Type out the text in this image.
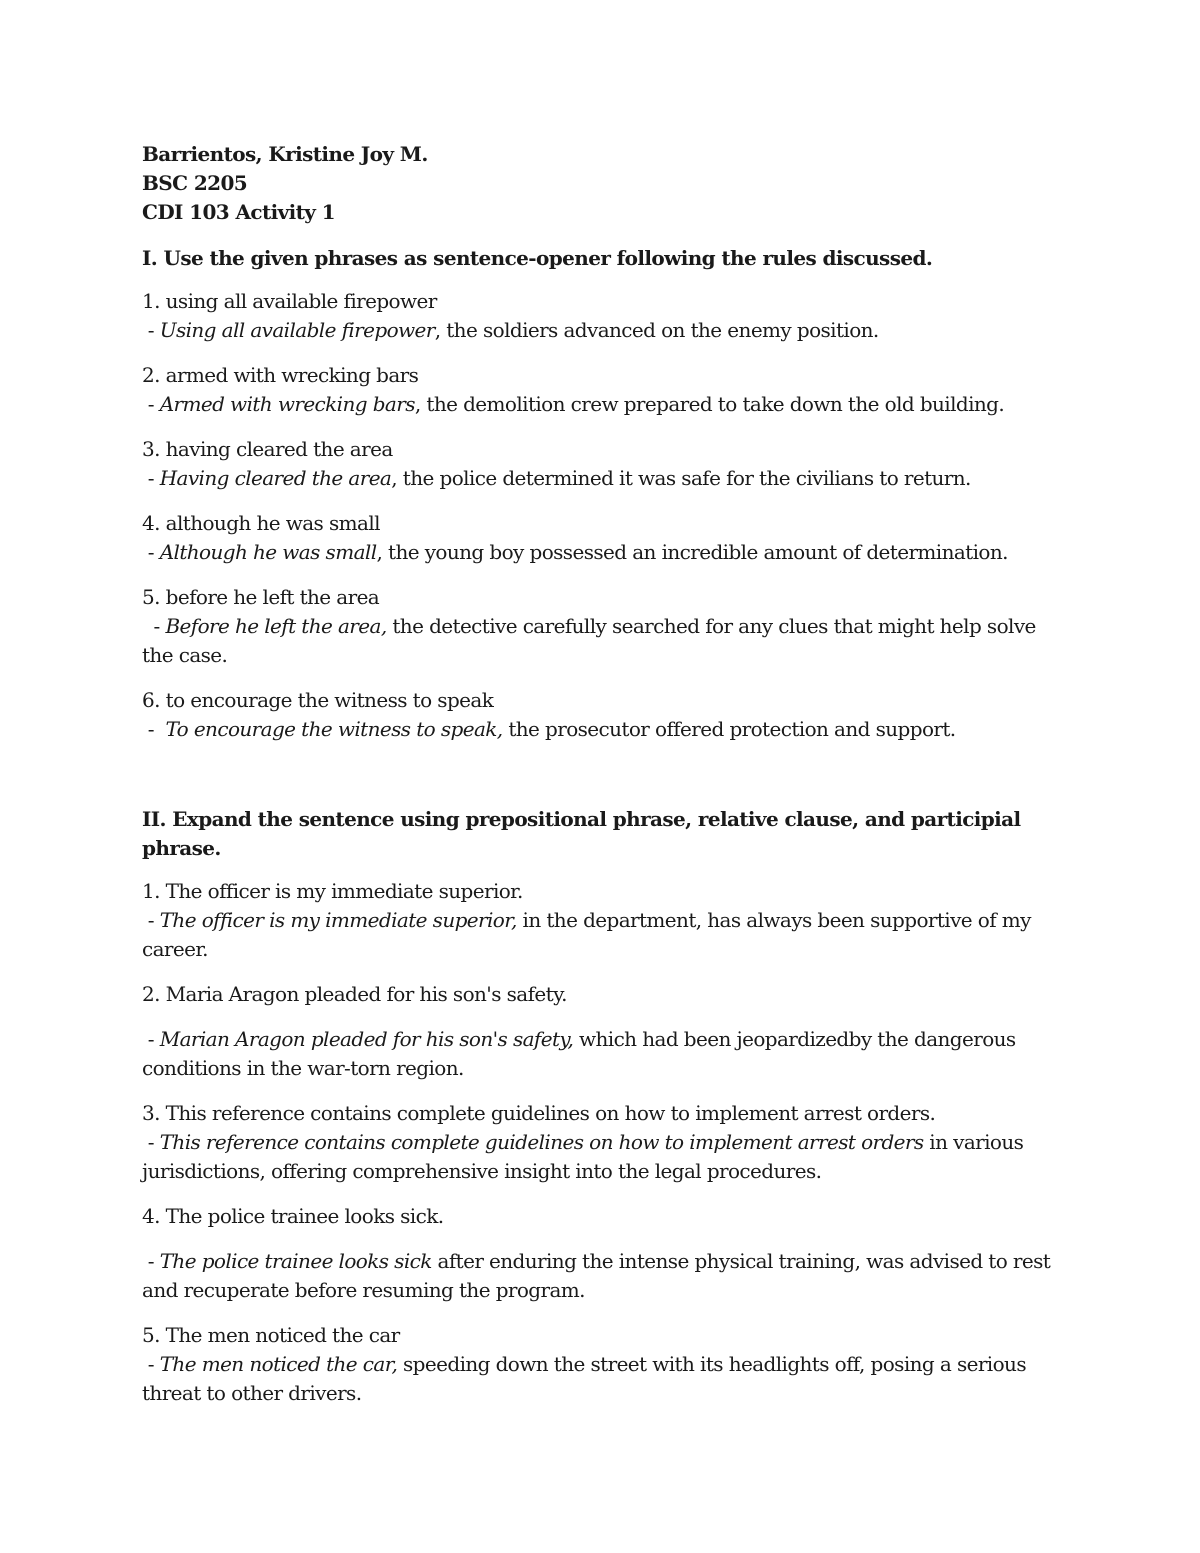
Barrientos, Kristine Joy M.

BSC 2205

CDI 103 Activity 1

I. Use the given phrases as sentence-opener following the rules discussed.

1. using all available firepower

- Using all available firepower, the soldiers advanced on the enemy position.

2. armed with wrecking bars

- Armed with wrecking bars, the demolition crew prepared to take down the old building.

3. having cleared the area

- Having cleared the area, the police determined it was safe for the civilians to return.

4. although he was small

- Although he was small, the young boy possessed an incredible amount of determination.

5. before he left the area

- Before he left the area, the detective carefully searched for any clues that might help solve the case.

6. to encourage the witness to speak

-  To encourage the witness to speak, the prosecutor offered protection and support.

II. Expand the sentence using prepositional phrase, relative clause, and participial phrase.

1. The officer is my immediate superior.

- The officer is my immediate superior, in the department, has always been supportive of my career.

2. Maria Aragon pleaded for his son's safety.

- Marian Aragon pleaded for his son's safety, which had been jeopardizedby the dangerous conditions in the war-torn region.

3. This reference contains complete guidelines on how to implement arrest orders.

- This reference contains complete guidelines on how to implement arrest orders in various jurisdictions, offering comprehensive insight into the legal procedures.

4. The police trainee looks sick.

- The police trainee looks sick after enduring the intense physical training, was advised to rest and recuperate before resuming the program.

5. The men noticed the car

- The men noticed the car, speeding down the street with its headlights off, posing a serious threat to other drivers.
